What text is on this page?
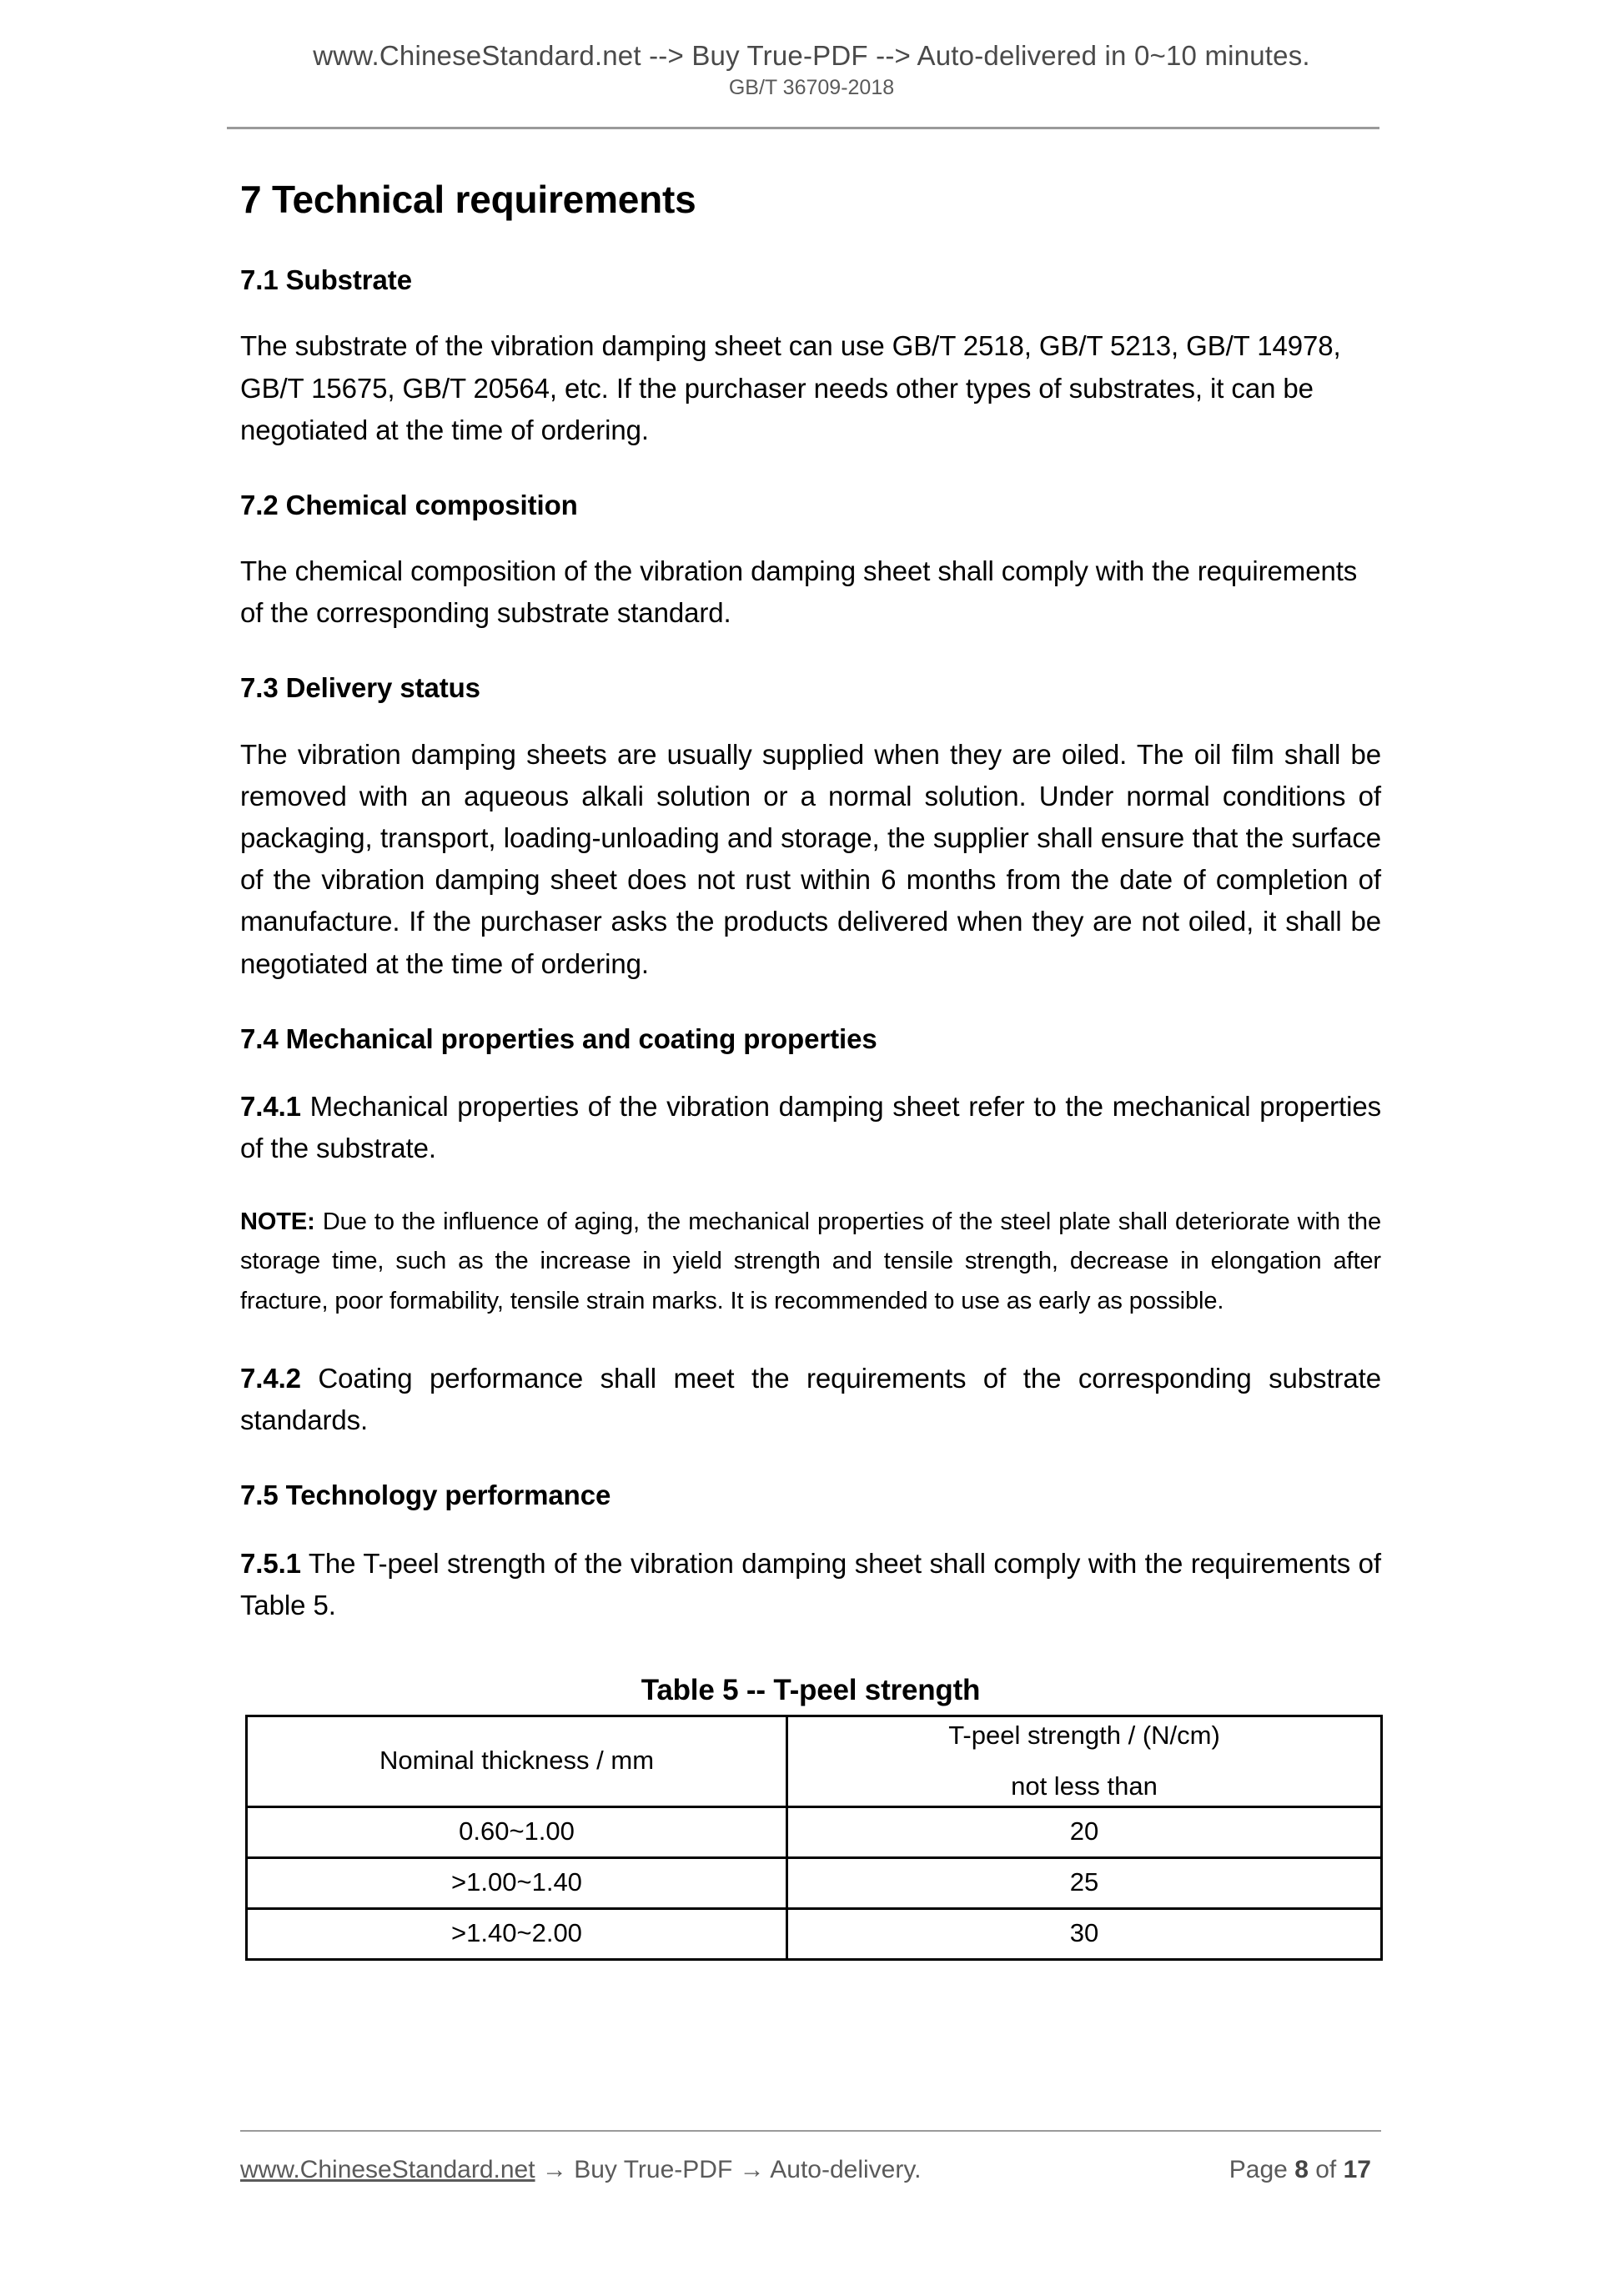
www.ChineseStandard.net --> Buy True-PDF --> Auto-delivered in 0~10 minutes.
GB/T 36709-2018
7 Technical requirements
7.1 Substrate

The substrate of the vibration damping sheet can use GB/T 2518, GB/T 5213, GB/T 14978, GB/T 15675, GB/T 20564, etc. If the purchaser needs other types of substrates, it can be negotiated at the time of ordering.

7.2 Chemical composition

The chemical composition of the vibration damping sheet shall comply with the requirements of the corresponding substrate standard.

7.3 Delivery status

The vibration damping sheets are usually supplied when they are oiled. The oil film shall be removed with an aqueous alkali solution or a normal solution. Under normal conditions of packaging, transport, loading-unloading and storage, the supplier shall ensure that the surface of the vibration damping sheet does not rust within 6 months from the date of completion of manufacture. If the purchaser asks the products delivered when they are not oiled, it shall be negotiated at the time of ordering.

7.4 Mechanical properties and coating properties

7.4.1 Mechanical properties of the vibration damping sheet refer to the mechanical properties of the substrate.

NOTE: Due to the influence of aging, the mechanical properties of the steel plate shall deteriorate with the storage time, such as the increase in yield strength and tensile strength, decrease in elongation after fracture, poor formability, tensile strain marks. It is recommended to use as early as possible.

7.4.2 Coating performance shall meet the requirements of the corresponding substrate standards.

7.5 Technology performance

7.5.1 The T-peel strength of the vibration damping sheet shall comply with the requirements of Table 5.

Table 5 -- T-peel strength
Nominal thickness / mm	T-peel strength / (N/cm)
not less than

0.60~1.00	20
>1.00~1.40	25
>1.40~2.00	30
Page 8 of 17
www.ChineseStandard.net → Buy True-PDF → Auto-delivery.
